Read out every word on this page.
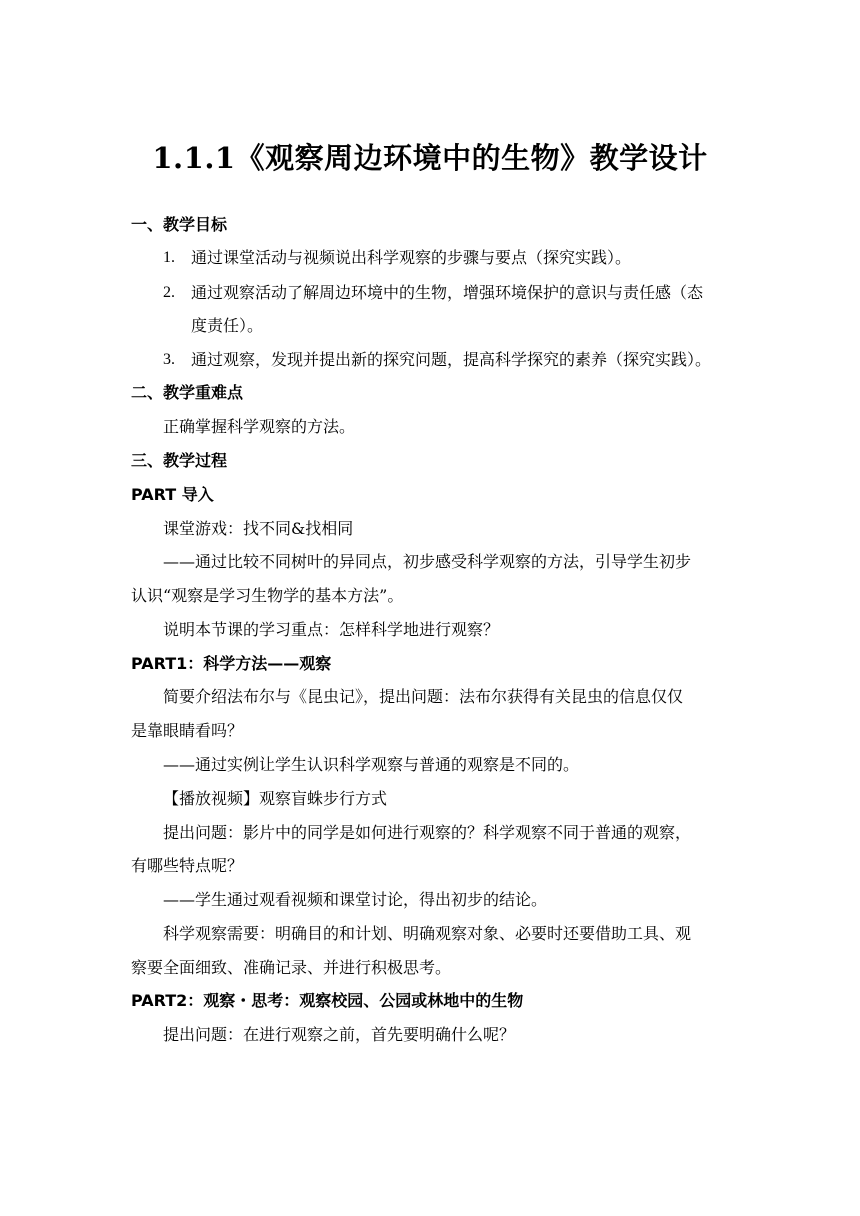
1.1.1《观察周边环境中的生物》教学设计
一、教学目标
1. 通过课堂活动与视频说出科学观察的步骤与要点（探究实践）。
2. 通过观察活动了解周边环境中的生物，增强环境保护的意识与责任感（态
度责任）。
3. 通过观察，发现并提出新的探究问题，提高科学探究的素养（探究实践）。
二、教学重难点
正确掌握科学观察的方法。
三、教学过程
PART 导入
课堂游戏：找不同&找相同
——通过比较不同树叶的异同点，初步感受科学观察的方法，引导学生初步
认识“观察是学习生物学的基本方法”。
说明本节课的学习重点：怎样科学地进行观察？
PART1：科学方法——观察
简要介绍法布尔与《昆虫记》，提出问题：法布尔获得有关昆虫的信息仅仅
是靠眼睛看吗？
——通过实例让学生认识科学观察与普通的观察是不同的。
【播放视频】观察盲蛛步行方式
提出问题：影片中的同学是如何进行观察的？科学观察不同于普通的观察，
有哪些特点呢？
——学生通过观看视频和课堂讨论，得出初步的结论。
科学观察需要：明确目的和计划、明确观察对象、必要时还要借助工具、观
察要全面细致、准确记录、并进行积极思考。
PART2：观察・思考：观察校园、公园或林地中的生物
提出问题：在进行观察之前，首先要明确什么呢？
